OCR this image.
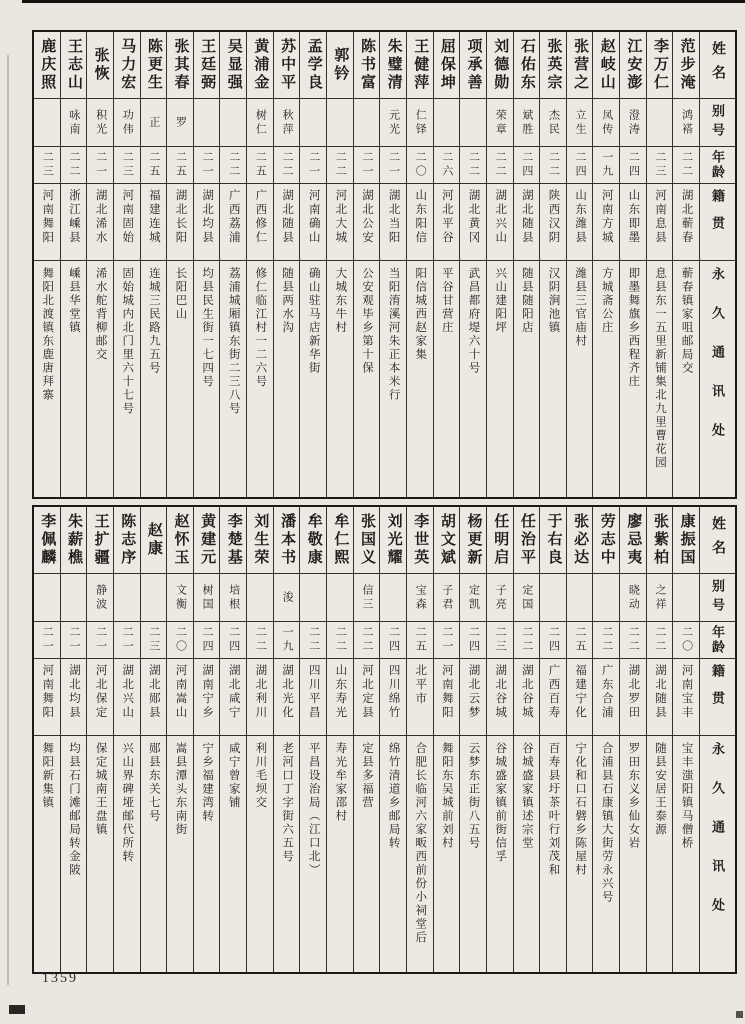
姓名
别号
年龄
籍贯
永久通讯处
范步淹
鸿褡
二二
湖北蕲春
蕲春镇家咀邮局交
李万仁
二三
河南息县
息县东一五里新铺集北九里曹花园
江安澎
澄涛
二四
山东即墨
即墨舞旗乡西程齐庄
赵岐山
凤传
一九
河南方城
方城斋公庄
张营之
立生
二四
山东潍县
潍县三官庙村
张英宗
杰民
二二
陕西汉阴
汉阴涧池镇
石佑东
斌胜
二四
湖北随县
随县随阳店
刘德勋
荣章
二二
湖北兴山
兴山建阳坪
项承善
二二
湖北黄冈
武昌都府堤六十号
屈保坤
二六
河北平谷
平谷甘营庄
王健萍
仁铎
二〇
山东阳信
阳信城西赵家集
朱璧清
元光
二一
湖北当阳
当阳淯溪河朱正本米行
陈书富
二一
湖北公安
公安观毕乡第十保
郭钤
二二
河北大城
大城东牛村
孟学良
二一
河南确山
确山驻马店新华街
苏中平
秋萍
二二
湖北随县
随县两水沟
黄浦金
树仁
二五
广西修仁
修仁临江村一二六号
吴显强
二二
广西荔浦
荔浦城厢镇东街二三八号
王廷弼
二一
湖北均县
均县民生街一七四号
张其春
罗
二五
湖北长阳
长阳巴山
陈更生
正
二五
福建连城
连城三民路九五号
马力宏
功伟
二三
河南固始
固始城内北门里六十七号
张恢
积光
二一
湖北浠水
浠水舵背柳邮交
王志山
咏南
二二
浙江嵊县
嵊县华堂镇
鹿庆照
二三
河南舞阳
舞阳北渡镇东鹿唐拜寨
姓名
别号
年龄
籍贯
永久通讯处
康振国
二〇
河南宝丰
宝丰滍阳镇马僧桥
张紫柏
之祥
二二
湖北随县
随县安居王泰源
廖忌夷
晓动
二二
湖北罗田
罗田东义乡仙女岩
劳志中
二二
广东合浦
合浦县石康镇大街劳永兴号
张必达
二五
福建宁化
宁化和口石礕乡陈屋村
于右良
二四
广西百寿
百寿县圩茶叶行刘茂和
任治平
定国
二二
湖北谷城
谷城盛家镇述宗堂
任明启
子亮
二三
湖北谷城
谷城盛家镇前街信孚
杨更新
定凯
二四
湖北云梦
云梦东正街八五号
胡文斌
子君
二一
河南舞阳
舞阳东吴城前刘村
李世英
宝森
二五
北平市
合肥长临河六家畈西前份小祠堂后
刘光耀
二四
四川绵竹
绵竹清道乡邮局转
张国义
信三
二二
河北定县
定县多福营
牟仁熙
二二
山东寿光
寿光牟家邵村
牟敬康
二二
四川平昌
平昌设治局（江口北）
潘本书
浚
一九
湖北光化
老河口丁字街六五号
刘生荣
二二
湖北利川
利川毛坝交
李楚基
培根
二四
湖北咸宁
咸宁曾家铺
黄建元
树国
二四
湖南宁乡
宁乡福建湾转
赵怀玉
文衡
二〇
河南嵩山
嵩县潭头东南街
赵康
二三
湖北郧县
郧县东关七号
陈志序
二一
湖北兴山
兴山界碑垭邮代所转
王扩疆
静波
二一
河北保定
保定城南王盘镇
朱薪樵
二一
湖北均县
均县石门滩邮局转金陂
李佩麟
二一
河南舞阳
舞阳新集镇
1359
